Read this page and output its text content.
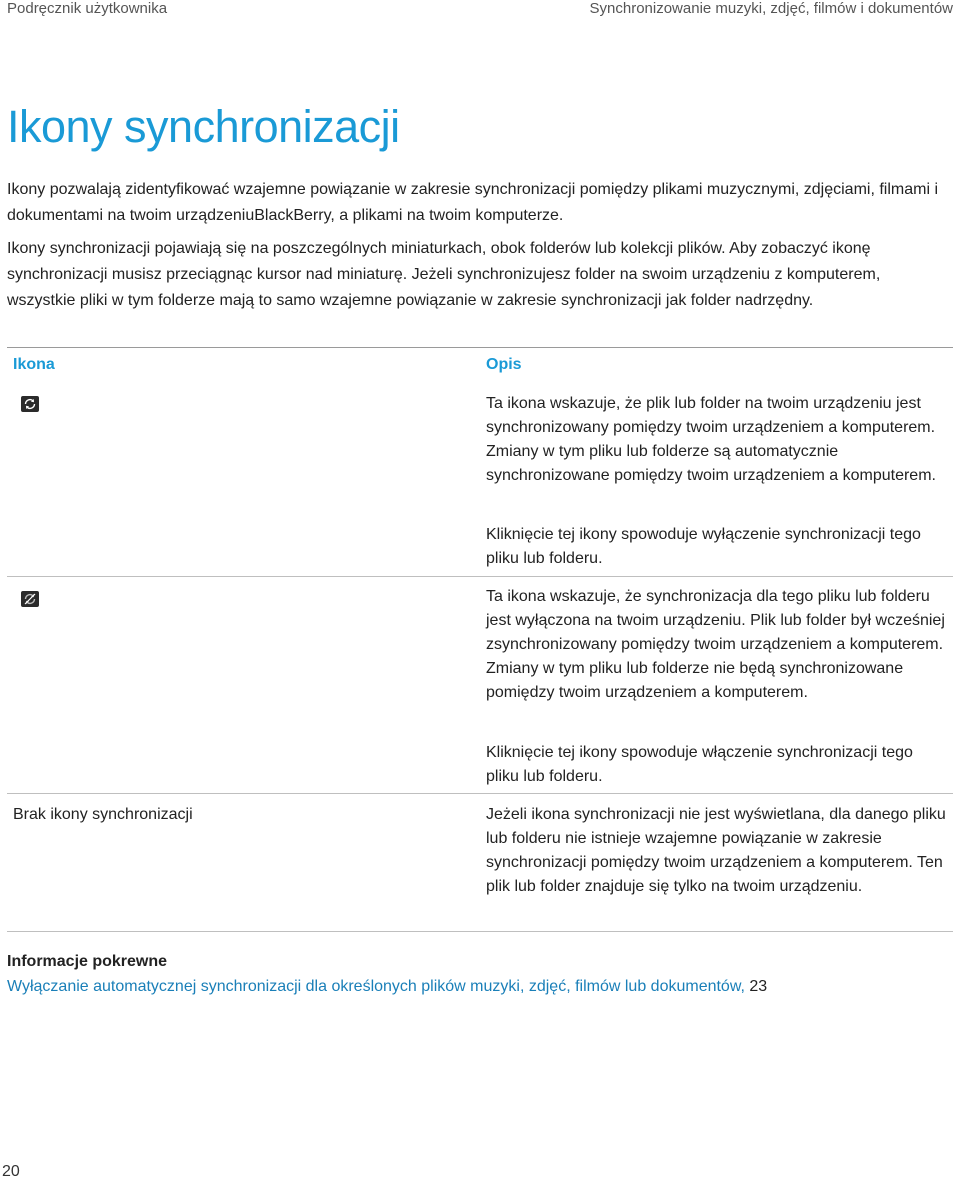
Podręcznik użytkownika	Synchronizowanie muzyki, zdjęć, filmów i dokumentów
Ikony synchronizacji

Ikony pozwalają zidentyfikować wzajemne powiązanie w zakresie synchronizacji pomiędzy plikami muzycznymi, zdjęciami, filmami i dokumentami na twoim urządzeniuBlackBerry, a plikami na twoim komputerze.

Ikony synchronizacji pojawiają się na poszczególnych miniaturkach, obok folderów lub kolekcji plików. Aby zobaczyć ikonę synchronizacji musisz przeciągnąc kursor nad miniaturę. Jeżeli synchronizujesz folder na swoim urządzeniu z komputerem, wszystkie pliki w tym folderze mają to samo wzajemne powiązanie w zakresie synchronizacji jak folder nadrzędny.

Ikona	Opis
Ta ikona wskazuje, że plik lub folder na twoim urządzeniu jest synchronizowany pomiędzy twoim urządzeniem a komputerem. Zmiany w tym pliku lub folderze są automatycznie synchronizowane pomiędzy twoim urządzeniem a komputerem.
Kliknięcie tej ikony spowoduje wyłączenie synchronizacji tego pliku lub folderu.
Ta ikona wskazuje, że synchronizacja dla tego pliku lub folderu jest wyłączona na twoim urządzeniu. Plik lub folder był wcześniej zsynchronizowany pomiędzy twoim urządzeniem a komputerem. Zmiany w tym pliku lub folderze nie będą synchronizowane pomiędzy twoim urządzeniem a komputerem.
Kliknięcie tej ikony spowoduje włączenie synchronizacji tego pliku lub folderu.
Brak ikony synchronizacji	Jeżeli ikona synchronizacji nie jest wyświetlana, dla danego pliku lub folderu nie istnieje wzajemne powiązanie w zakresie synchronizacji pomiędzy twoim urządzeniem a komputerem. Ten plik lub folder znajduje się tylko na twoim urządzeniu.
Informacje pokrewne
Wyłączanie automatycznej synchronizacji dla określonych plików muzyki, zdjęć, filmów lub dokumentów, 23
20
